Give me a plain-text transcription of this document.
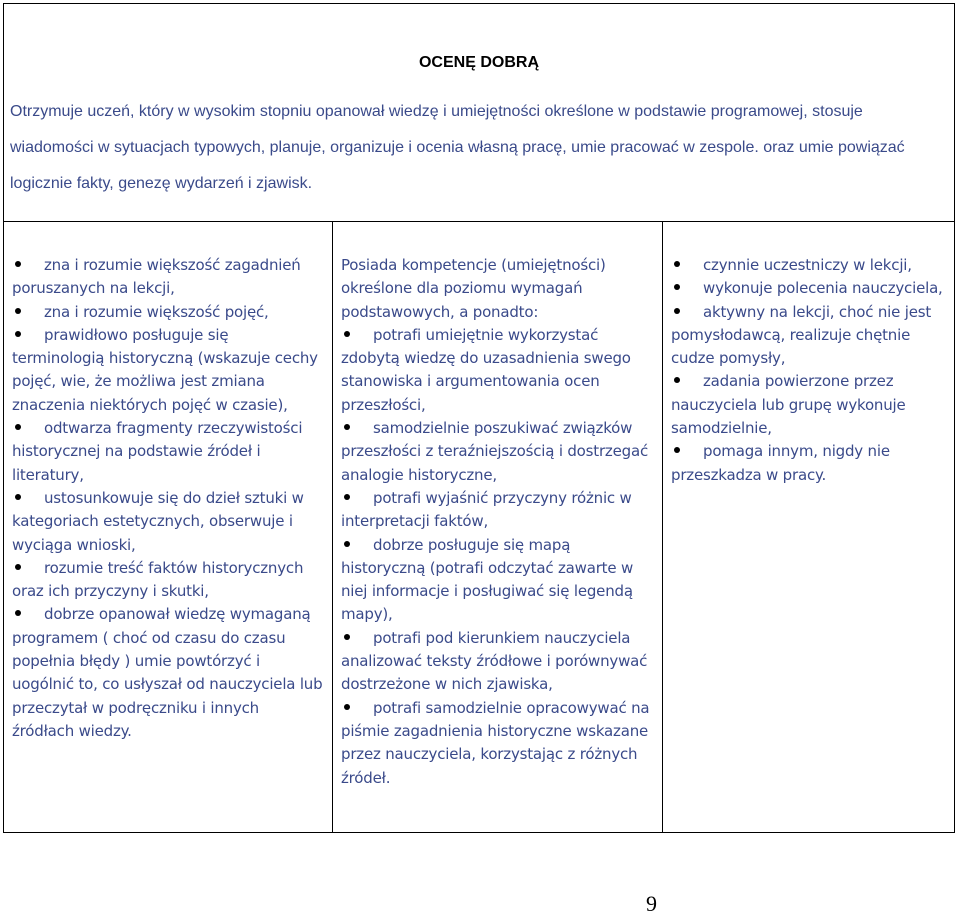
OCENĘ DOBRĄ
Otrzymuje uczeń, który w wysokim stopniu opanował wiedzę i umiejętności określone w podstawie programowej, stosuje wiadomości w sytuacjach typowych, planuje, organizuje i ocenia własną pracę, umie pracować w zespole. oraz umie powiązać logicznie fakty, genezę wydarzeń i zjawisk.

zna i rozumie większość zagadnień poruszanych na lekcji,

zna i rozumie większość pojęć,

prawidłowo posługuje się terminologią historyczną (wskazuje cechy pojęć, wie, że możliwa jest zmiana znaczenia niektórych pojęć w czasie),

odtwarza fragmenty rzeczywistości historycznej na podstawie źródeł i literatury,

ustosunkowuje się do dzieł sztuki w kategoriach estetycznych, obserwuje i wyciąga wnioski,

rozumie treść faktów historycznych oraz ich przyczyny i skutki,

dobrze opanował wiedzę wymaganą programem ( choć od czasu do czasu popełnia błędy ) umie powtórzyć i uogólnić to, co usłyszał od nauczyciela lub przeczytał w podręczniku i innych źródłach wiedzy.

Posiada kompetencje (umiejętności) określone dla poziomu wymagań podstawowych, a ponadto:

potrafi umiejętnie wykorzystać zdobytą wiedzę do uzasadnienia swego stanowiska i argumentowania ocen przeszłości,

samodzielnie poszukiwać związków przeszłości z teraźniejszością i dostrzegać analogie historyczne,

potrafi wyjaśnić przyczyny różnic w interpretacji faktów,

dobrze posługuje się mapą historyczną (potrafi odczytać zawarte w niej informacje i posługiwać się legendą mapy),

potrafi pod kierunkiem nauczyciela analizować teksty źródłowe i porównywać dostrzeżone w nich zjawiska,

potrafi samodzielnie opracowywać na piśmie zagadnienia historyczne wskazane przez nauczyciela, korzystając z różnych źródeł.

czynnie uczestniczy w lekcji,

wykonuje polecenia nauczyciela,

aktywny na lekcji, choć nie jest pomysłodawcą, realizuje chętnie cudze pomysły,

zadania powierzone przez nauczyciela lub grupę wykonuje samodzielnie,

pomaga innym, nigdy nie przeszkadza w pracy.

9
